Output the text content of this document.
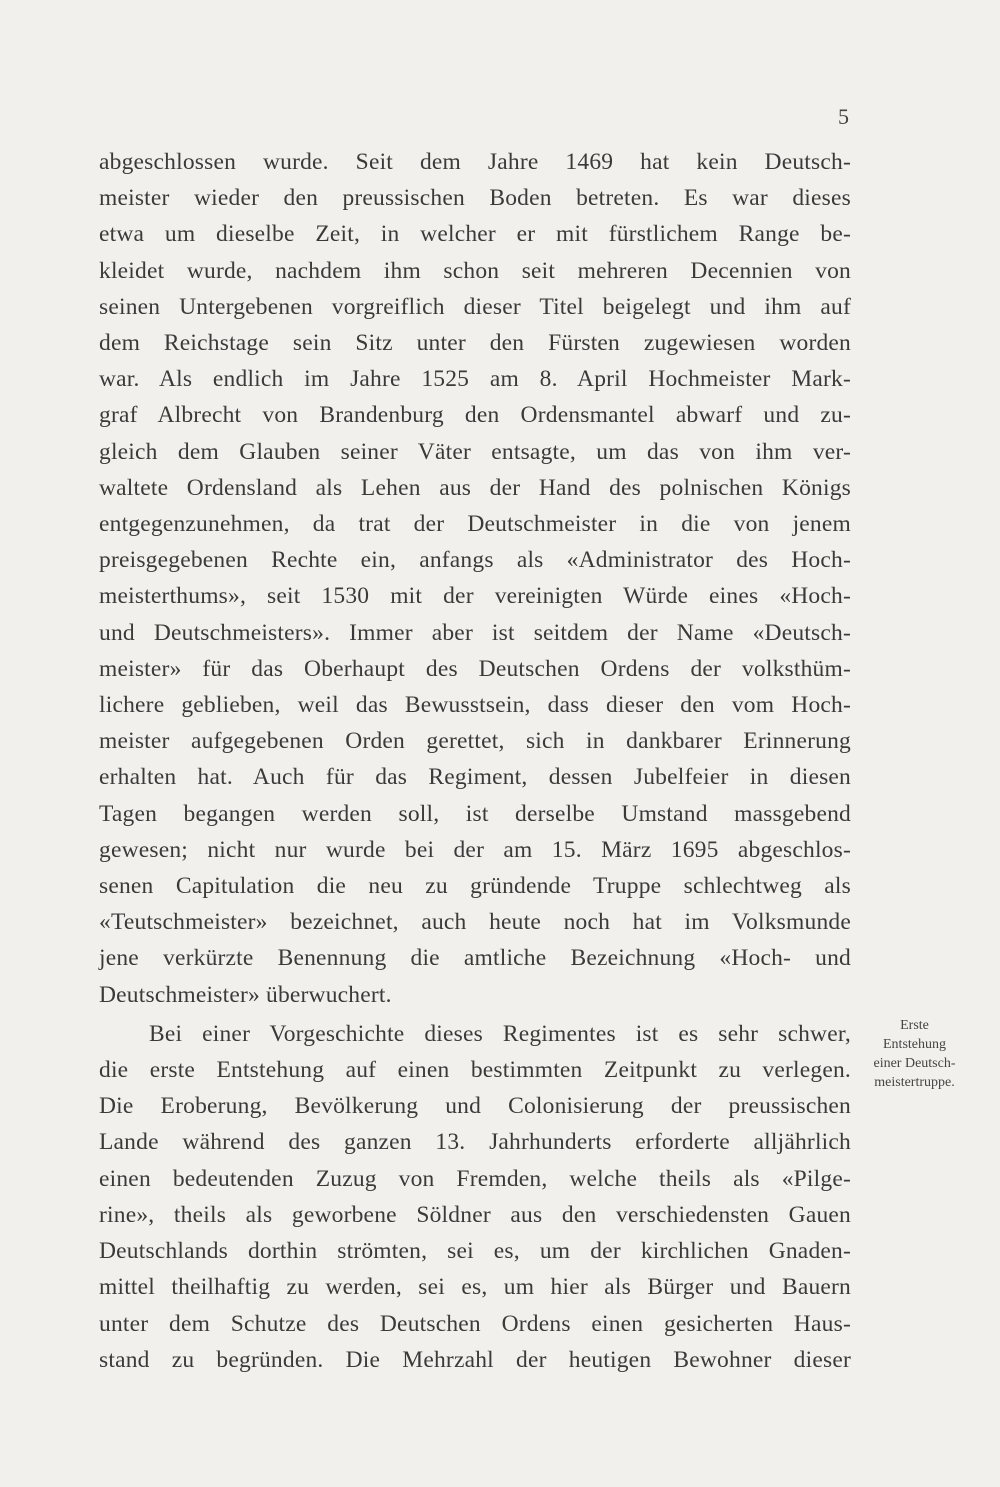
5
abgeschlossen wurde. Seit dem Jahre 1469 hat kein Deutsch-
meister wieder den preussischen Boden betreten. Es war dieses
etwa um dieselbe Zeit, in welcher er mit fürstlichem Range be-
kleidet wurde, nachdem ihm schon seit mehreren Decennien von
seinen Untergebenen vorgreiflich dieser Titel beigelegt und ihm auf
dem Reichstage sein Sitz unter den Fürsten zugewiesen worden
war. Als endlich im Jahre 1525 am 8. April Hochmeister Mark-
graf Albrecht von Brandenburg den Ordensmantel abwarf und zu-
gleich dem Glauben seiner Väter entsagte, um das von ihm ver-
waltete Ordensland als Lehen aus der Hand des polnischen Königs
entgegenzunehmen, da trat der Deutschmeister in die von jenem
preisgegebenen Rechte ein, anfangs als «Administrator des Hoch-
meisterthums», seit 1530 mit der vereinigten Würde eines «Hoch-
und Deutschmeisters». Immer aber ist seitdem der Name «Deutsch-
meister» für das Oberhaupt des Deutschen Ordens der volksthüm-
lichere geblieben, weil das Bewusstsein, dass dieser den vom Hoch-
meister aufgegebenen Orden gerettet, sich in dankbarer Erinnerung
erhalten hat. Auch für das Regiment, dessen Jubelfeier in diesen
Tagen begangen werden soll, ist derselbe Umstand massgebend
gewesen; nicht nur wurde bei der am 15. März 1695 abgeschlos-
senen Capitulation die neu zu gründende Truppe schlechtweg als
«Teutschmeister» bezeichnet, auch heute noch hat im Volksmunde
jene verkürzte Benennung die amtliche Bezeichnung «Hoch- und
Deutschmeister» überwuchert.
Bei einer Vorgeschichte dieses Regimentes ist es sehr schwer,
die erste Entstehung auf einen bestimmten Zeitpunkt zu verlegen.
Die Eroberung, Bevölkerung und Colonisierung der preussischen
Lande während des ganzen 13. Jahrhunderts erforderte alljährlich
einen bedeutenden Zuzug von Fremden, welche theils als «Pilge-
rine», theils als geworbene Söldner aus den verschiedensten Gauen
Deutschlands dorthin strömten, sei es, um der kirchlichen Gnaden-
mittel theilhaftig zu werden, sei es, um hier als Bürger und Bauern
unter dem Schutze des Deutschen Ordens einen gesicherten Haus-
stand zu begründen. Die Mehrzahl der heutigen Bewohner dieser
Erste
Entstehung
einer Deutsch-
meistertruppe.
